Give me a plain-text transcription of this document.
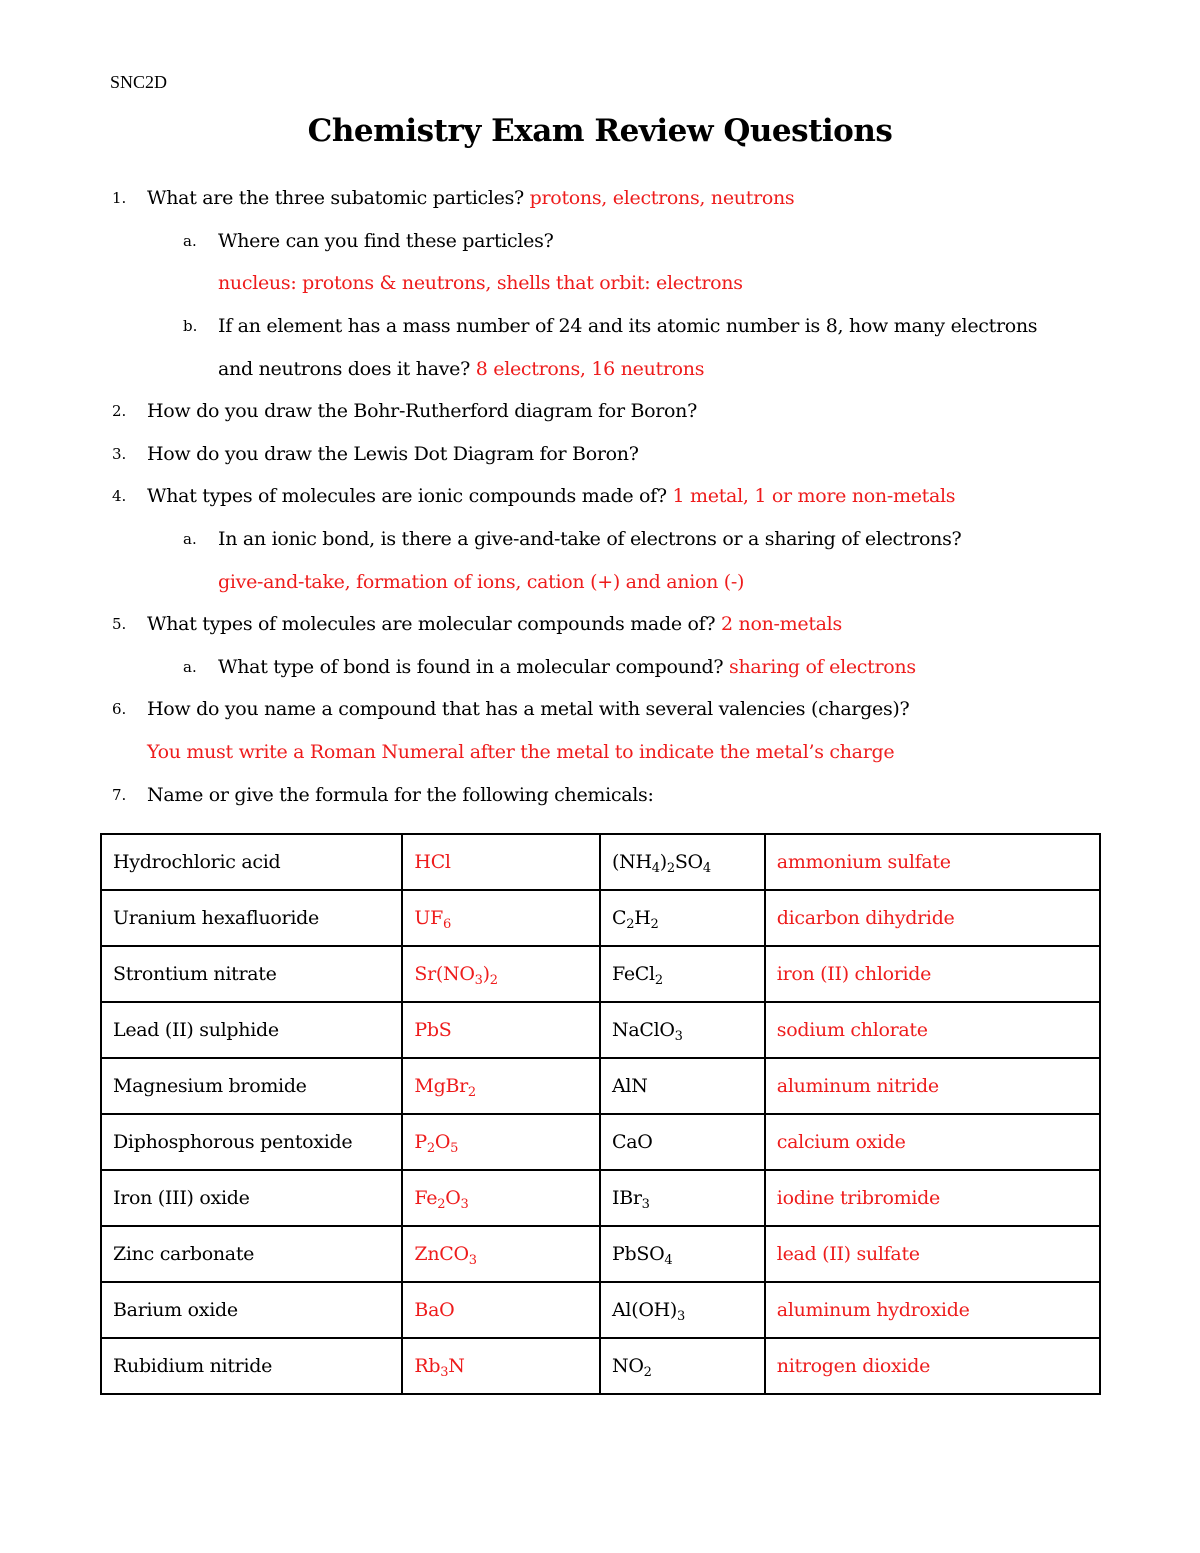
SNC2D
Chemistry Exam Review Questions
1.	What are the three subatomic particles? protons, electrons, neutrons
a.	Where can you find these particles?
nucleus: protons & neutrons, shells that orbit: electrons
b.	If an element has a mass number of 24 and its atomic number is 8, how many electrons
and neutrons does it have? 8 electrons, 16 neutrons
2.	How do you draw the Bohr-Rutherford diagram for Boron?
3.	How do you draw the Lewis Dot Diagram for Boron?
4.	What types of molecules are ionic compounds made of? 1 metal, 1 or more non-metals
a.	In an ionic bond, is there a give-and-take of electrons or a sharing of electrons?
give-and-take, formation of ions, cation (+) and anion (-)
5.	What types of molecules are molecular compounds made of? 2 non-metals
a.	What type of bond is found in a molecular compound? sharing of electrons
6.	How do you name a compound that has a metal with several valencies (charges)?
You must write a Roman Numeral after the metal to indicate the metal’s charge
7.	Name or give the formula for the following chemicals:
Hydrochloric acid	HCl	$(NH_4)_2SO_4$	ammonium sulfate
Uranium hexafluoride	$UF_6$	$C_2H_2$	dicarbon dihydride
Strontium nitrate	$Sr(NO_3)_2$	FeCl$_2$	iron (II) chloride
Lead (II) sulphide	PbS	NaClO$_3$	sodium chlorate
Magnesium bromide	MgBr$_2$	AlN	aluminum nitride
Diphosphorous pentoxide	$P_2O_5$	CaO	calcium oxide
Iron (III) oxide	$Fe_2O_3$	IBr$_3$	iodine tribromide
Zinc carbonate	ZnCO$_3$	PbSO$_4$	lead (II) sulfate
Barium oxide	BaO	$Al(OH)_3$	aluminum hydroxide
Rubidium nitride	$Rb_3N$	$NO_2$	nitrogen dioxide
